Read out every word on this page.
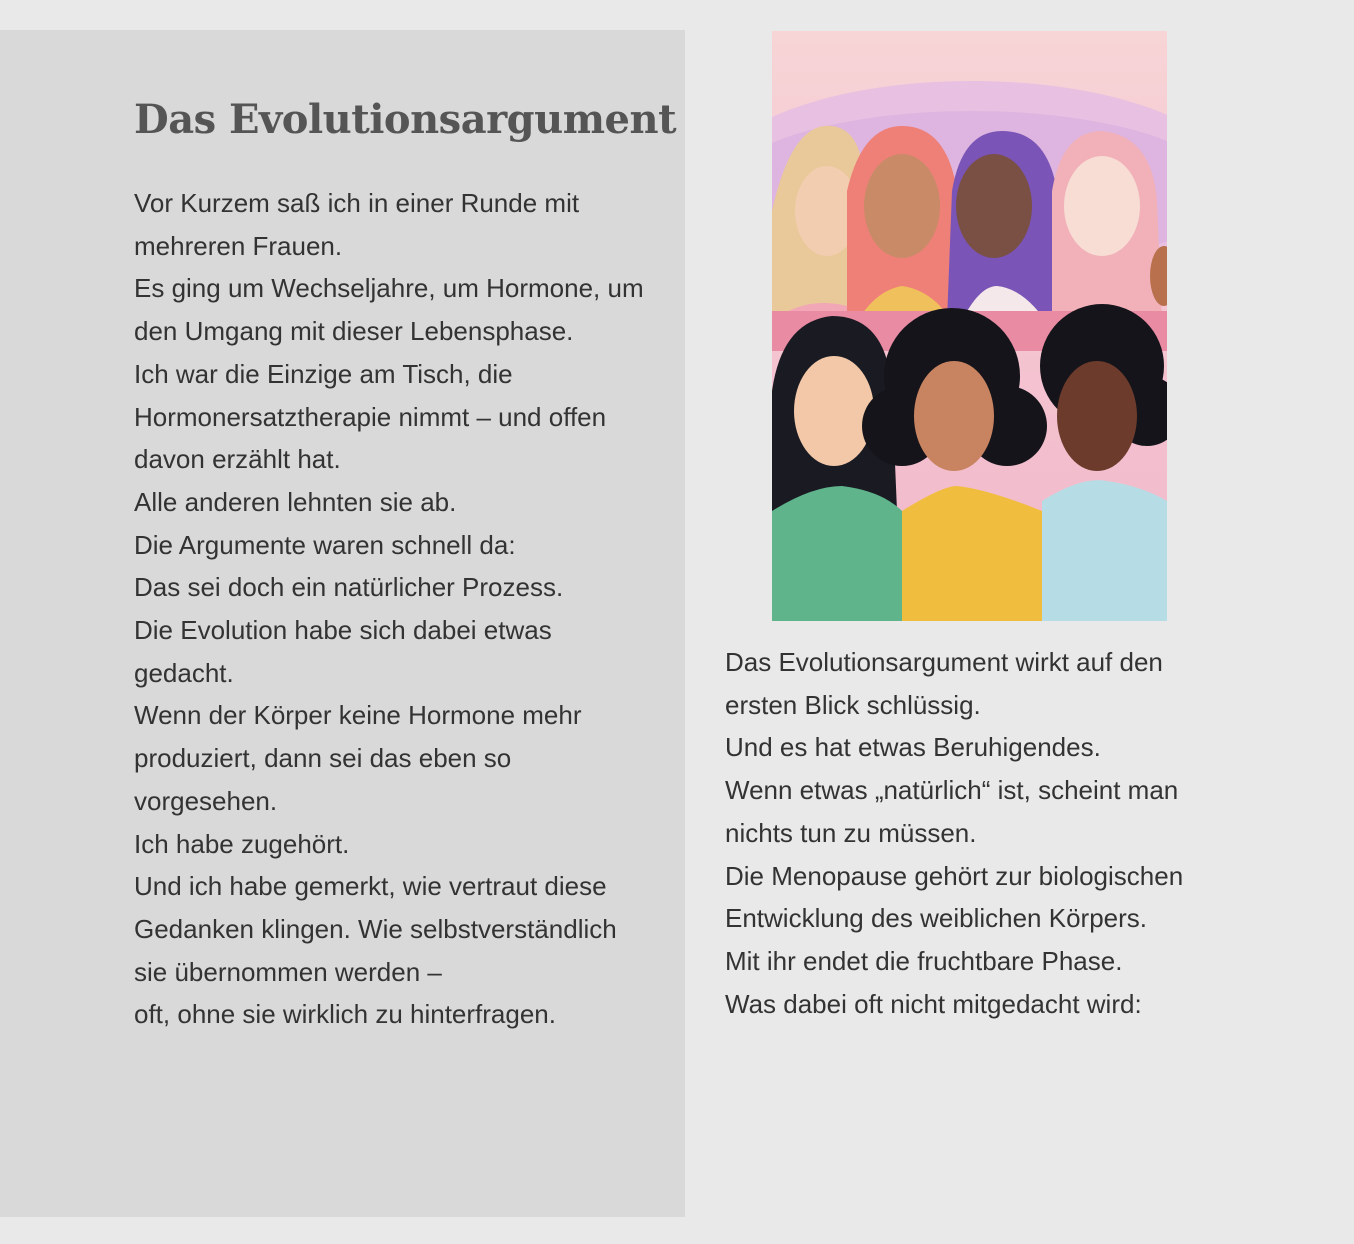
Das Evolutionsargument
Vor Kurzem saß ich in einer Runde mit
mehreren Frauen.
Es ging um Wechseljahre, um Hormone, um
den Umgang mit dieser Lebensphase.
Ich war die Einzige am Tisch, die
Hormonersatztherapie nimmt – und offen
davon erzählt hat.
Alle anderen lehnten sie ab.
Die Argumente waren schnell da:
Das sei doch ein natürlicher Prozess.
Die Evolution habe sich dabei etwas
gedacht.
Wenn der Körper keine Hormone mehr
produziert, dann sei das eben so
vorgesehen.
Ich habe zugehört.
Und ich habe gemerkt, wie vertraut diese
Gedanken klingen. Wie selbstverständlich
sie übernommen werden –
oft, ohne sie wirklich zu hinterfragen.
Das Evolutionsargument wirkt auf den
ersten Blick schlüssig.
Und es hat etwas Beruhigendes.
Wenn etwas „natürlich“ ist, scheint man
nichts tun zu müssen.
Die Menopause gehört zur biologischen
Entwicklung des weiblichen Körpers.
Mit ihr endet die fruchtbare Phase.
Was dabei oft nicht mitgedacht wird:
